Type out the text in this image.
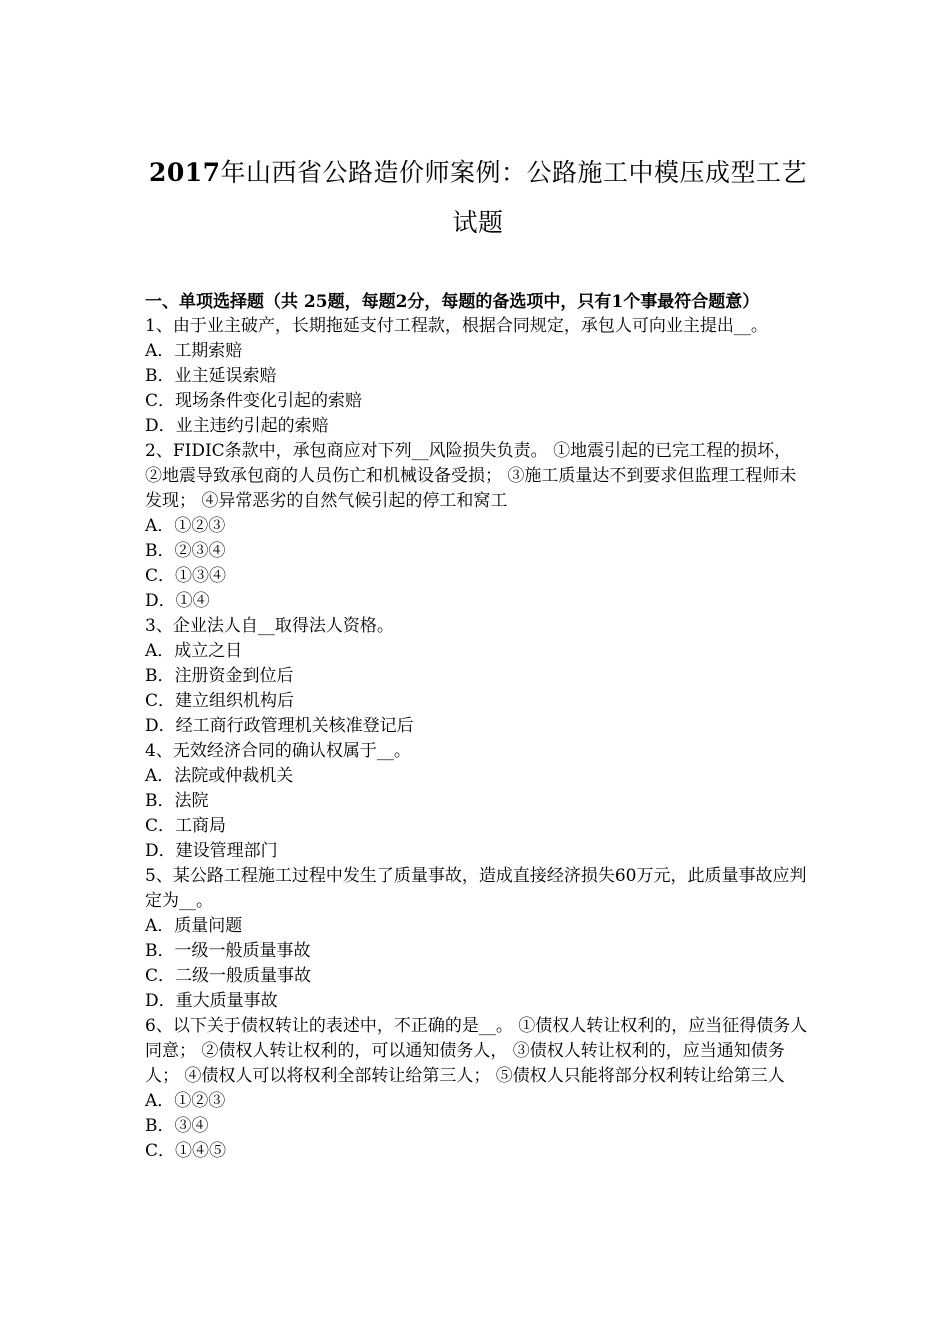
2017年山西省公路造价师案例：公路施工中模压成型工艺试题
一、单项选择题（共 25题，每题2分，每题的备选项中，只有1个事最符合题意）

1、由于业主破产，长期拖延支付工程款，根据合同规定，承包人可向业主提出__。

A．工期索赔

B．业主延误索赔

C．现场条件变化引起的索赔

D．业主违约引起的索赔

2、FIDIC条款中，承包商应对下列__风险损失负责。 ①地震引起的已完工程的损坏， ②地震导致承包商的人员伤亡和机械设备受损； ③施工质量达不到要求但监理工程师未发现； ④异常恶劣的自然气候引起的停工和窝工

A．①②③

B．②③④

C．①③④

D．①④

3、企业法人自__取得法人资格。

A．成立之日

B．注册资金到位后

C．建立组织机构后

D．经工商行政管理机关核准登记后

4、无效经济合同的确认权属于__。

A．法院或仲裁机关

B．法院

C．工商局

D．建设管理部门

5、某公路工程施工过程中发生了质量事故，造成直接经济损失60万元，此质量事故应判定为__。

A．质量问题

B．一级一般质量事故

C．二级一般质量事故

D．重大质量事故

6、以下关于债权转让的表述中，不正确的是__。 ①债权人转让权利的，应当征得债务人同意； ②债权人转让权利的，可以通知债务人， ③债权人转让权利的，应当通知债务人； ④债权人可以将权利全部转让给第三人； ⑤债权人只能将部分权利转让给第三人

A．①②③

B．③④

C．①④⑤
